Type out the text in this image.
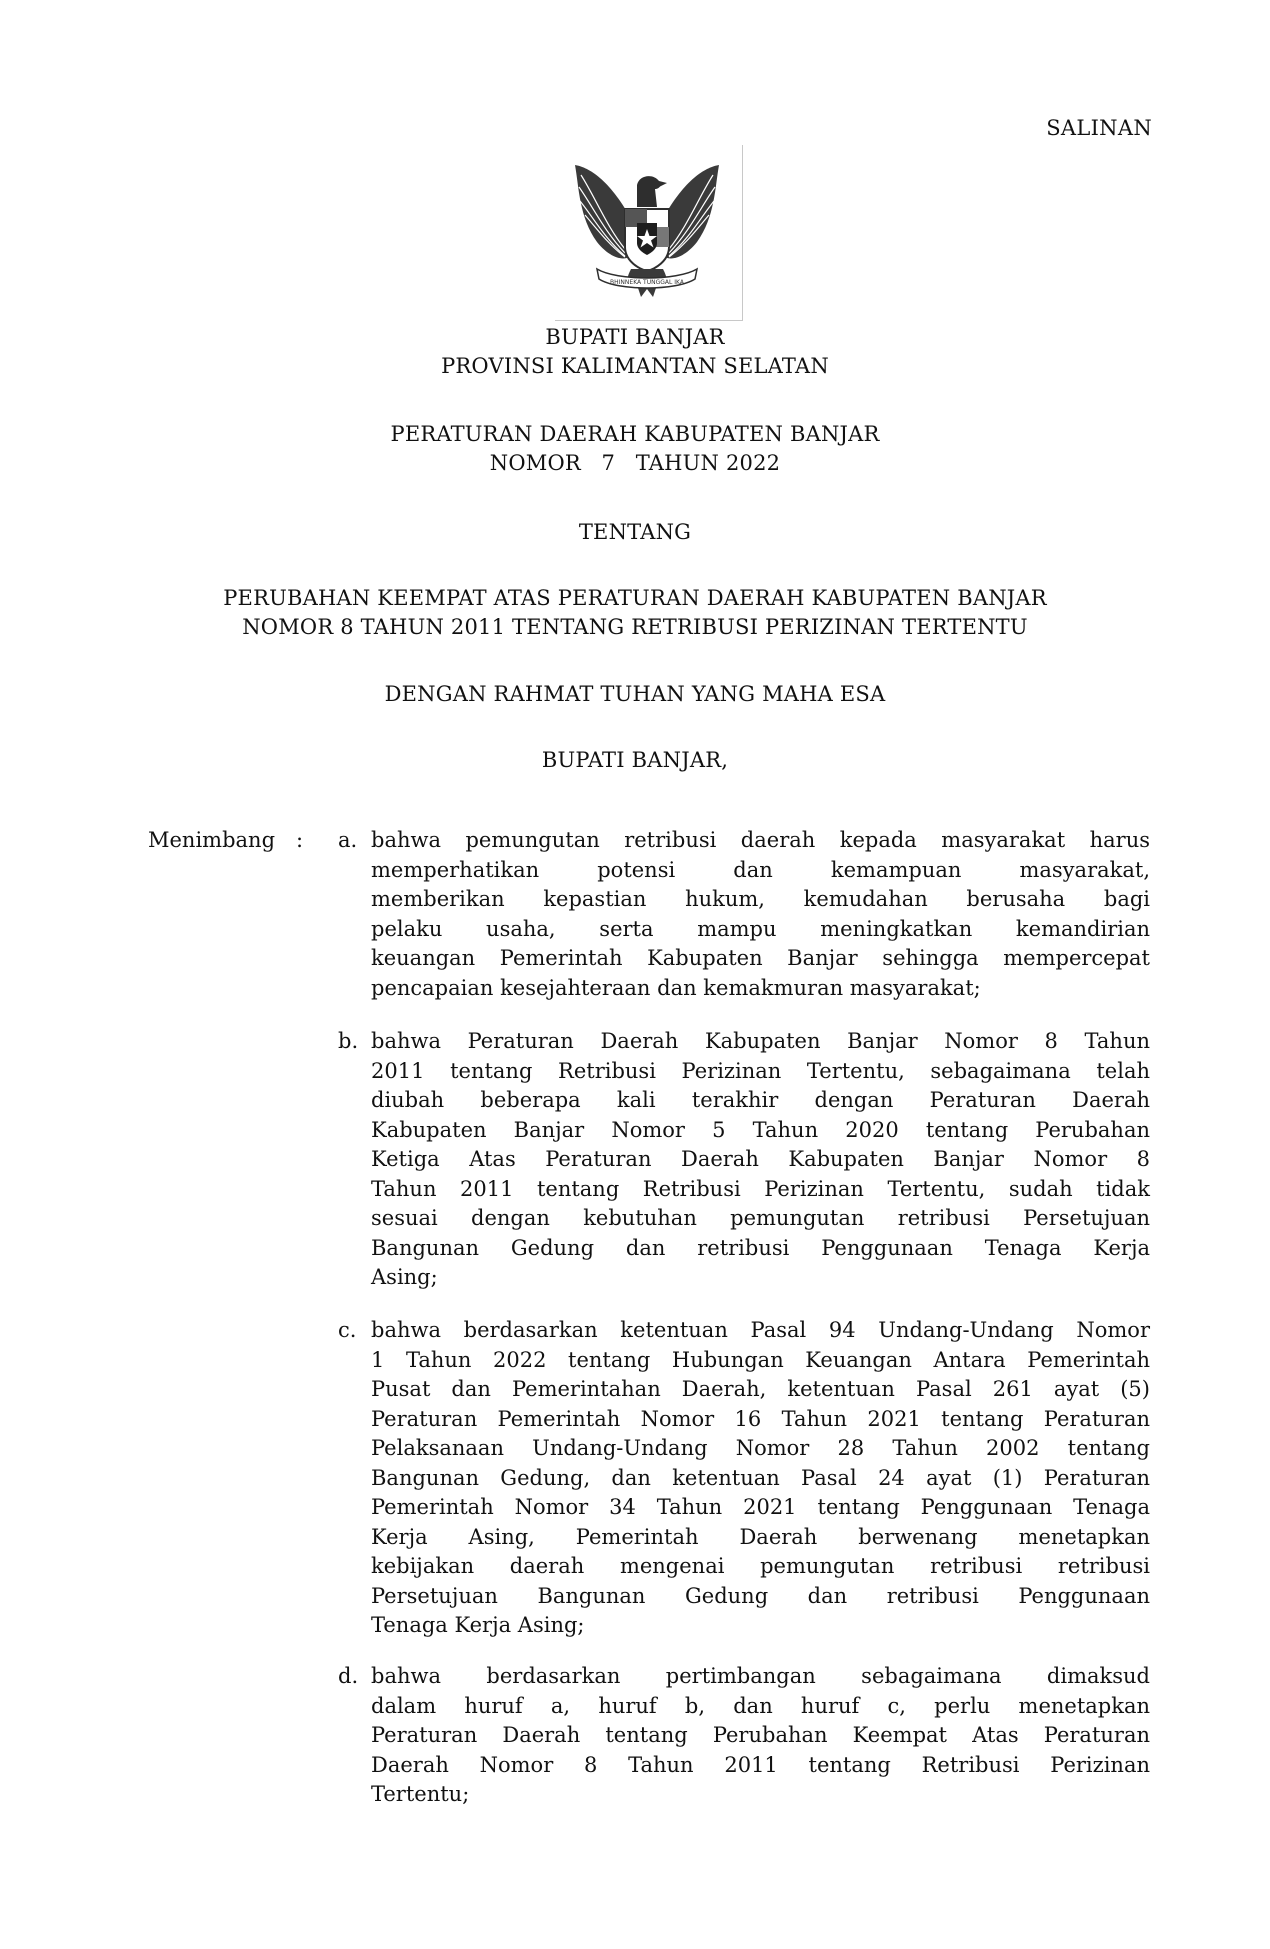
SALINAN
BHINNEKA TUNGGAL IKA
BUPATI BANJAR
PROVINSI KALIMANTAN SELATAN
PERATURAN DAERAH KABUPATEN BANJAR
NOMOR   7   TAHUN 2022
TENTANG
PERUBAHAN KEEMPAT ATAS PERATURAN DAERAH KABUPATEN BANJAR
NOMOR 8 TAHUN 2011 TENTANG RETRIBUSI PERIZINAN TERTENTU
DENGAN RAHMAT TUHAN YANG MAHA ESA
BUPATI BANJAR,
Menimbang : a. bahwa pemungutan retribusi daerah kepada masyarakat harus
memperhatikan potensi dan kemampuan masyarakat,
memberikan kepastian hukum, kemudahan berusaha bagi
pelaku usaha, serta mampu meningkatkan kemandirian
keuangan Pemerintah Kabupaten Banjar sehingga mempercepat
pencapaian kesejahteraan dan kemakmuran masyarakat;
b. bahwa Peraturan Daerah Kabupaten Banjar Nomor 8 Tahun
2011 tentang Retribusi Perizinan Tertentu, sebagaimana telah
diubah beberapa kali terakhir dengan Peraturan Daerah
Kabupaten Banjar Nomor 5 Tahun 2020 tentang Perubahan
Ketiga Atas Peraturan Daerah Kabupaten Banjar Nomor 8
Tahun 2011 tentang Retribusi Perizinan Tertentu, sudah tidak
sesuai dengan kebutuhan pemungutan retribusi Persetujuan
Bangunan Gedung dan retribusi Penggunaan Tenaga Kerja
Asing;
c. bahwa berdasarkan ketentuan Pasal 94 Undang-Undang Nomor
1 Tahun 2022 tentang Hubungan Keuangan Antara Pemerintah
Pusat dan Pemerintahan Daerah, ketentuan Pasal 261 ayat (5)
Peraturan Pemerintah Nomor 16 Tahun 2021 tentang Peraturan
Pelaksanaan Undang-Undang Nomor 28 Tahun 2002 tentang
Bangunan Gedung, dan ketentuan Pasal 24 ayat (1) Peraturan
Pemerintah Nomor 34 Tahun 2021 tentang Penggunaan Tenaga
Kerja Asing, Pemerintah Daerah berwenang menetapkan
kebijakan daerah mengenai pemungutan retribusi retribusi
Persetujuan Bangunan Gedung dan retribusi Penggunaan
Tenaga Kerja Asing;
d. bahwa berdasarkan pertimbangan sebagaimana dimaksud
dalam huruf a, huruf b, dan huruf c, perlu menetapkan
Peraturan Daerah tentang Perubahan Keempat Atas Peraturan
Daerah Nomor 8 Tahun 2011 tentang Retribusi Perizinan
Tertentu;
